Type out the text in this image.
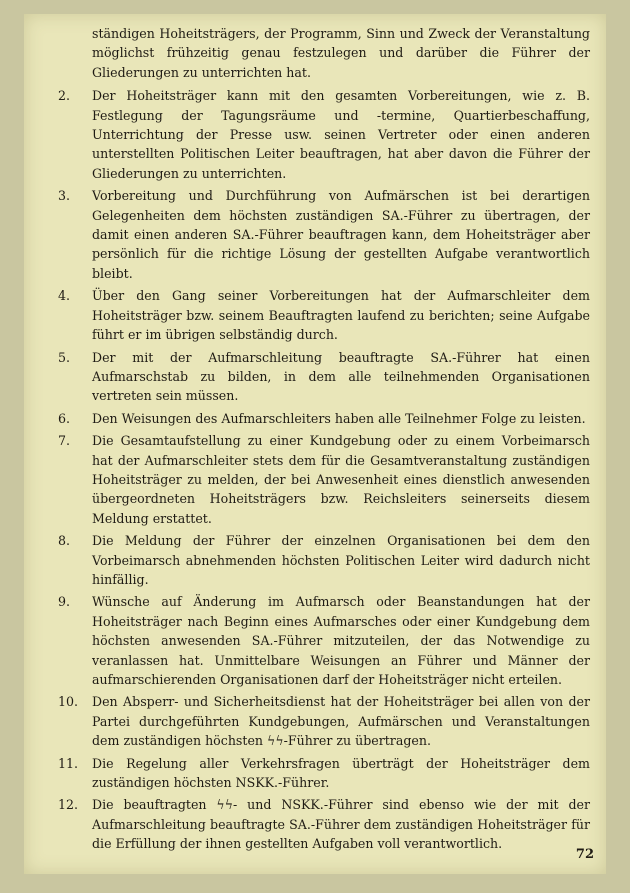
ständigen Hoheitsträgers, der Programm, Sinn und Zweck der Veranstaltung möglichst frühzeitig genau festzulegen und darüber die Führer der Gliederungen zu unterrichten hat.

2.	Der Hoheitsträger kann mit den gesamten Vorbereitungen, wie z. B. Festlegung der Tagungsräume und -termine, Quartierbeschaffung, Unterrichtung der Presse usw. seinen Vertreter oder einen anderen unterstellten Politischen Leiter beauftragen, hat aber davon die Führer der Gliederungen zu unterrichten.
3.	Vorbereitung und Durchführung von Aufmärschen ist bei derartigen Gelegenheiten dem höchsten zuständigen SA.-Führer zu übertragen, der damit einen anderen SA.-Führer beauftragen kann, dem Hoheitsträger aber persönlich für die richtige Lösung der gestellten Aufgabe verantwortlich bleibt.
4.	Über den Gang seiner Vorbereitungen hat der Aufmarschleiter dem Hoheitsträger bzw. seinem Beauftragten laufend zu berichten; seine Aufgabe führt er im übrigen selbständig durch.
5.	Der mit der Aufmarschleitung beauftragte SA.-Führer hat einen Aufmarschstab zu bilden, in dem alle teilnehmenden Organisationen vertreten sein müssen.
6.	Den Weisungen des Aufmarschleiters haben alle Teilnehmer Folge zu leisten.
7.	Die Gesamtaufstellung zu einer Kundgebung oder zu einem Vorbeimarsch hat der Aufmarschleiter stets dem für die Gesamtveranstaltung zuständigen Hoheitsträger zu melden, der bei Anwesenheit eines dienstlich anwesenden übergeordneten Hoheitsträgers bzw. Reichsleiters seinerseits diesem Meldung erstattet.
8.	Die Meldung der Führer der einzelnen Organisationen bei dem den Vorbeimarsch abnehmenden höchsten Politischen Leiter wird dadurch nicht hinfällig.
9.	Wünsche auf Änderung im Aufmarsch oder Beanstandungen hat der Hoheitsträger nach Beginn eines Aufmarsches oder einer Kundgebung dem höchsten anwesenden SA.-Führer mitzuteilen, der das Notwendige zu veranlassen hat. Unmittelbare Weisungen an Führer und Männer der aufmarschierenden Organisationen darf der Hoheitsträger nicht erteilen.
10.	Den Absperr- und Sicherheitsdienst hat der Hoheitsträger bei allen von der Partei durchgeführten Kundgebungen, Aufmärschen und Veranstaltungen dem zuständigen höchsten ϟϟ-Führer zu übertragen.
11.	Die Regelung aller Verkehrsfragen überträgt der Hoheitsträger dem zuständigen höchsten NSKK.-Führer.
12.	Die beauftragten ϟϟ- und NSKK.-Führer sind ebenso wie der mit der Aufmarschleitung beauftragte SA.-Führer dem zuständigen Hoheitsträger für die Erfüllung der ihnen gestellten Aufgaben voll verantwortlich.
72
